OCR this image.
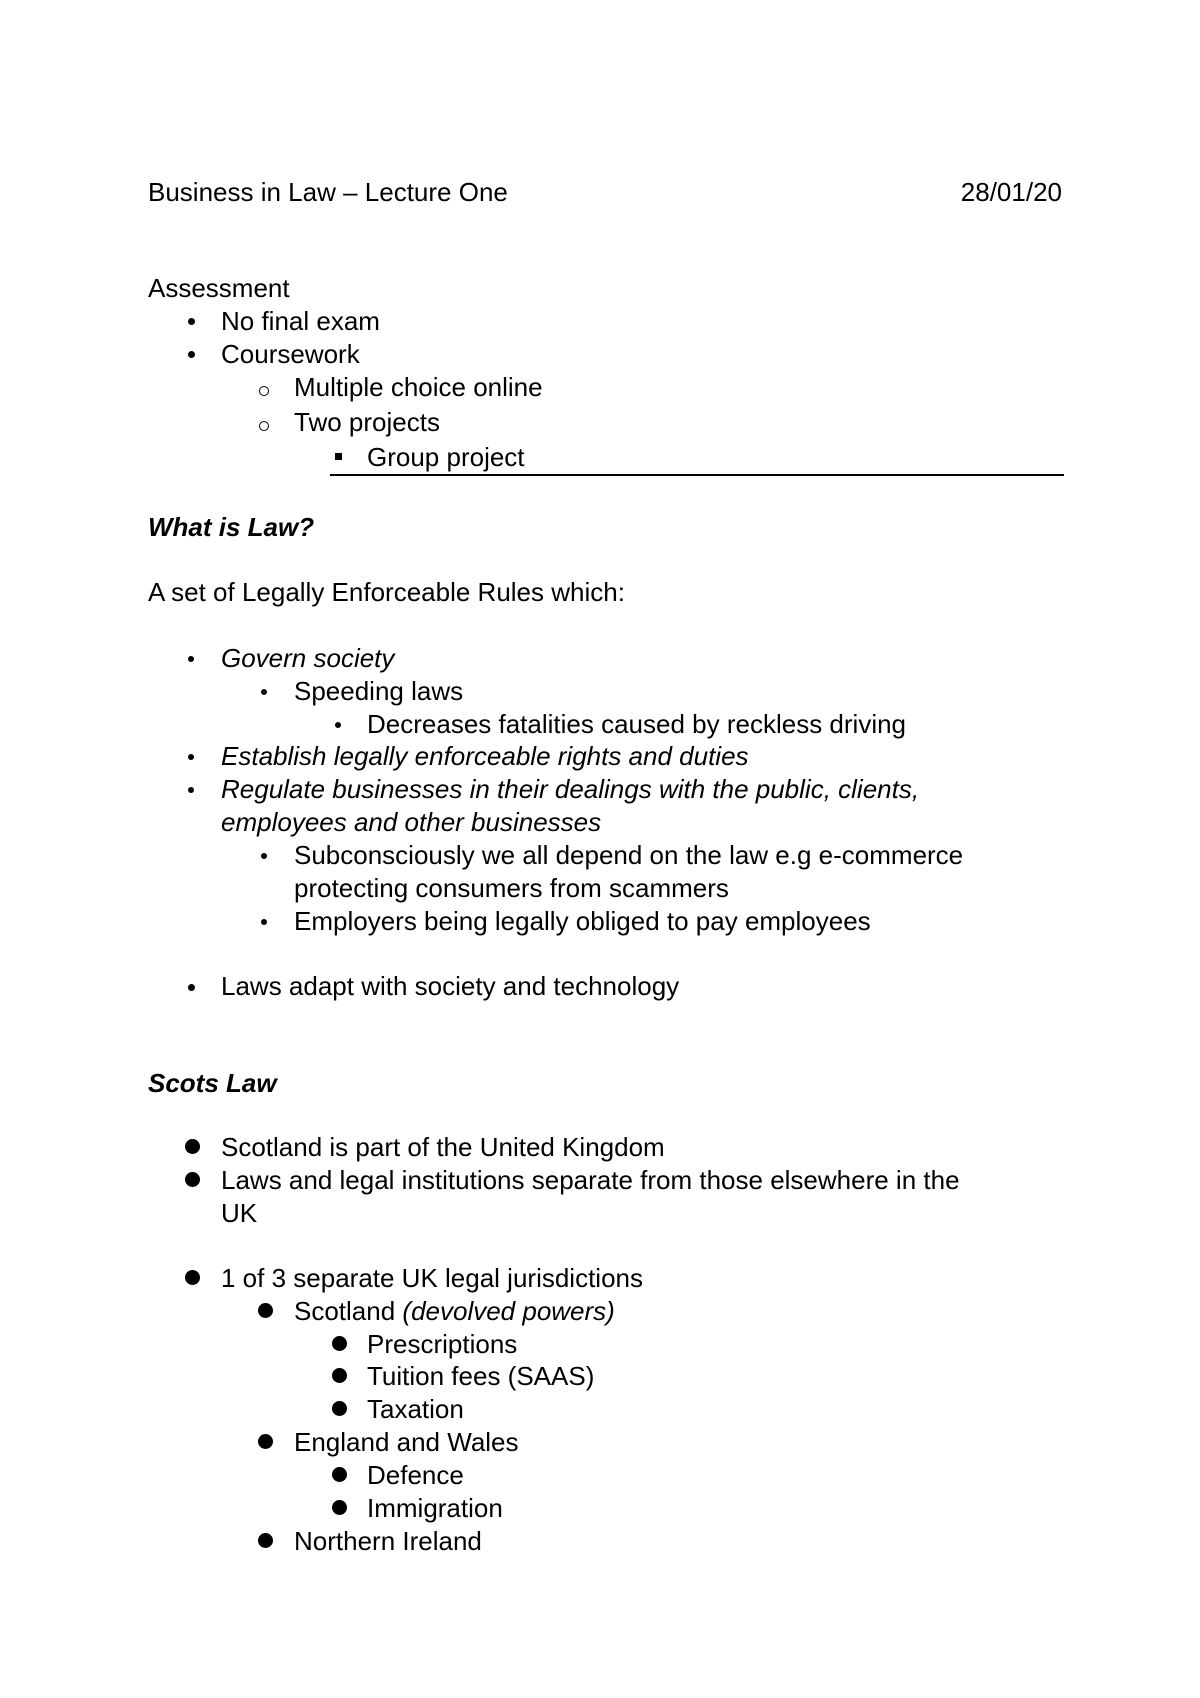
Business in Law – Lecture One	28/01/20
Assessment
No final exam
Coursework
Multiple choice online
Two projects
Group project
What is Law?
A set of Legally Enforceable Rules which:
Govern society
Speeding laws
Decreases fatalities caused by reckless driving
Establish legally enforceable rights and duties
Regulate businesses in their dealings with the public, clients,
employees and other businesses
Subconsciously we all depend on the law e.g e-commerce
protecting consumers from scammers
Employers being legally obliged to pay employees
Laws adapt with society and technology
Scots Law
Scotland is part of the United Kingdom
Laws and legal institutions separate from those elsewhere in the
UK
1 of 3 separate UK legal jurisdictions
Scotland (devolved powers)
Prescriptions
Tuition fees (SAAS)
Taxation
England and Wales
Defence
Immigration
Northern Ireland
